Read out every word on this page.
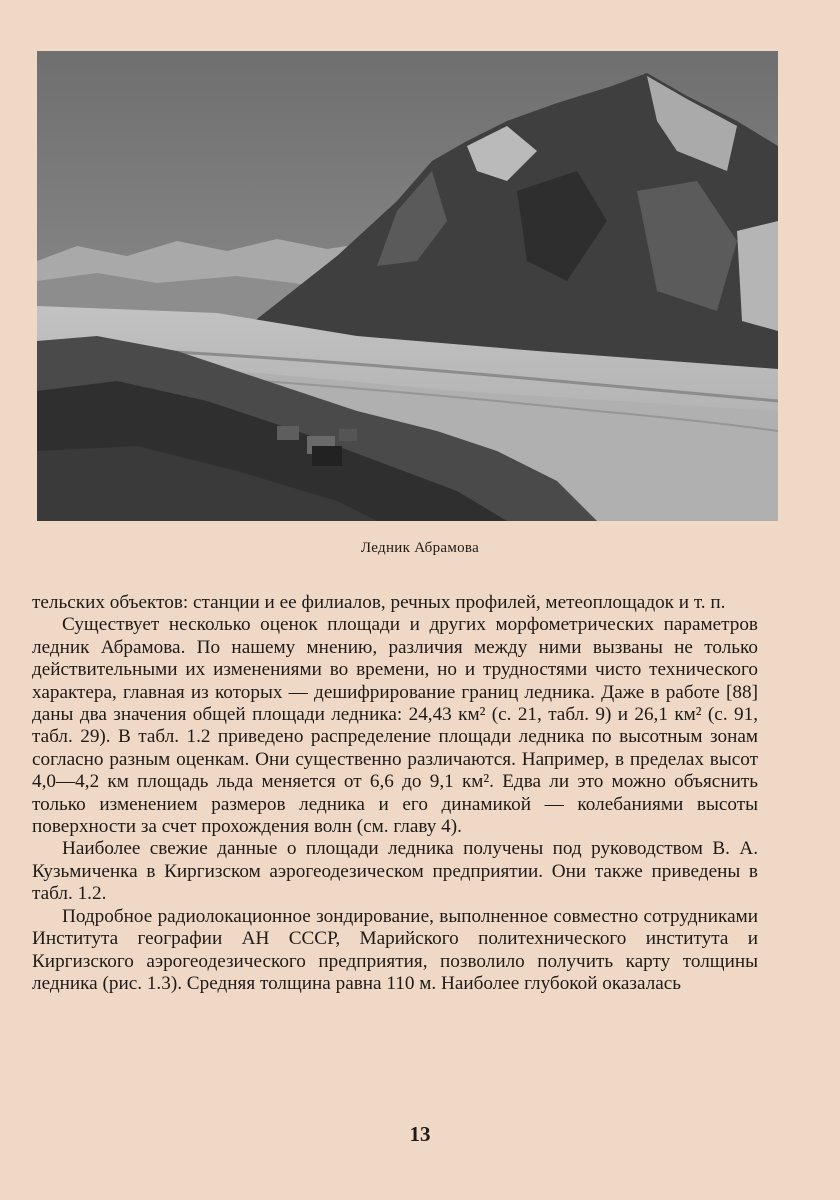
Ледник Абрамова

тельских объектов: станции и ее филиалов, речных профилей, метеоплощадок и т. п.

Существует несколько оценок площади и других морфометрических параметров ледник Абрамова. По нашему мнению, различия между ними вызваны не только действительными их изменениями во времени, но и трудностями чисто технического характера, главная из которых — дешифрирование границ ледника. Даже в работе [88] даны два значения общей площади ледника: 24,43 км² (с. 21, табл. 9) и 26,1 км² (с. 91, табл. 29). В табл. 1.2 приведено распределение площади ледника по высотным зонам согласно разным оценкам. Они существенно различаются. Например, в пределах высот 4,0—4,2 км площадь льда меняется от 6,6 до 9,1 км². Едва ли это можно объяснить только изменением размеров ледника и его динамикой — колебаниями высоты поверхности за счет прохождения волн (см. главу 4).

Наиболее свежие данные о площади ледника получены под руководством В. А. Кузьмиченка в Киргизском аэрогеодезическом предприятии. Они также приведены в табл. 1.2.

Подробное радиолокационное зондирование, выполненное совместно сотрудниками Института географии АН СССР, Марийского политехнического института и Киргизского аэрогеодезического предприятия, позволило получить карту толщины ледника (рис. 1.3). Средняя толщина равна 110 м. Наиболее глубокой оказалась

13
